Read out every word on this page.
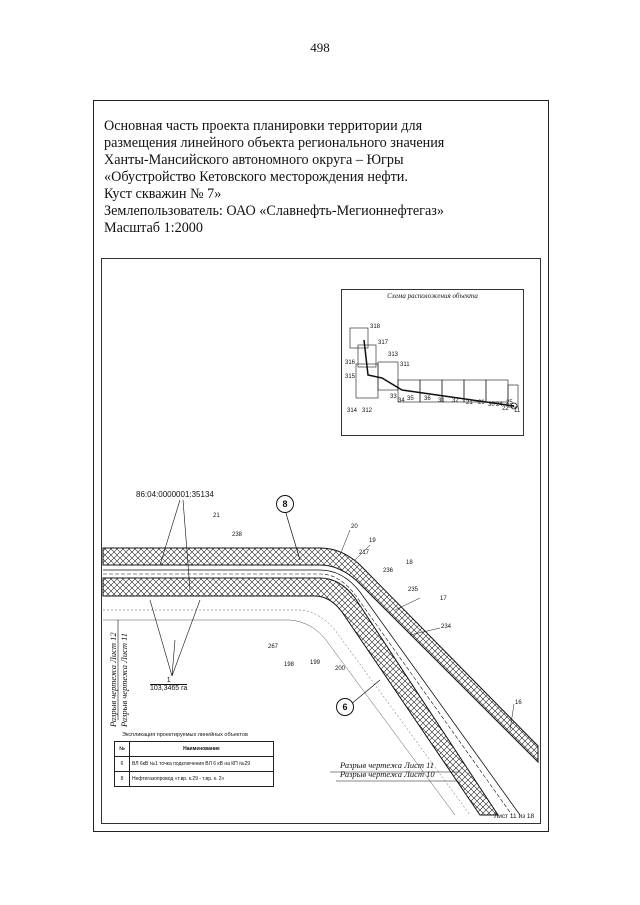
498
Основная часть проекта планировки территории для
размещения линейного объекта регионального значения
Ханты-Мансийского автономного округа – Югры
«Обустройство Кетовского месторождения нефти.
Куст скважин № 7»
Землепользователь: ОАО «Славнефть-Мегионнефтегаз»
Масштаб 1:2000
Схема расположения объекта
318
317
316
315
313
311
314 312
33
34 35 36 31 32 21 26 30 24
22
25
11
86:04:0000001:35134
8
6
21
238
20
19
217
236
18
235
17
234
267
198	199
200
16
1
103,3465 га
Разрыв чертежа Лист 12 Разрыв чертежа Лист 11
Разрыв чертежа Лист 11
Разрыв чертежа Лист 10
Экспликация проектируемых линейных объектов
№	Наименование
6	ВЛ 6кВ №1 точка подключения ВЛ 6 кВ на КП №29
8	Нефтегазопровод «т.вр. к.29 - т.вр. к. 2»
Лист 11 из 18
